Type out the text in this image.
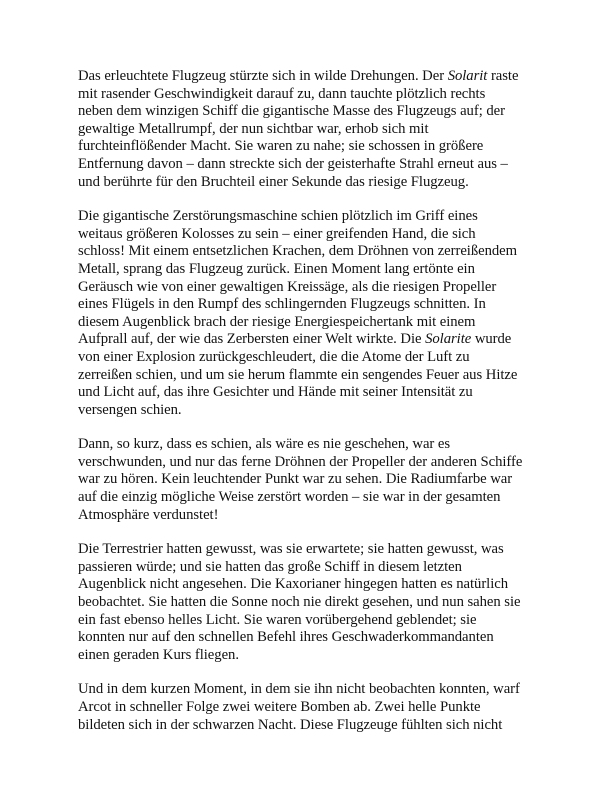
Das erleuchtete Flugzeug stürzte sich in wilde Drehungen. Der Solarit raste
mit rasender Geschwindigkeit darauf zu, dann tauchte plötzlich rechts
neben dem winzigen Schiff die gigantische Masse des Flugzeugs auf; der
gewaltige Metallrumpf, der nun sichtbar war, erhob sich mit
furchteinflößender Macht. Sie waren zu nahe; sie schossen in größere
Entfernung davon – dann streckte sich der geisterhafte Strahl erneut aus –
und berührte für den Bruchteil einer Sekunde das riesige Flugzeug.

Die gigantische Zerstörungsmaschine schien plötzlich im Griff eines
weitaus größeren Kolosses zu sein – einer greifenden Hand, die sich
schloss! Mit einem entsetzlichen Krachen, dem Dröhnen von zerreißendem
Metall, sprang das Flugzeug zurück. Einen Moment lang ertönte ein
Geräusch wie von einer gewaltigen Kreissäge, als die riesigen Propeller
eines Flügels in den Rumpf des schlingernden Flugzeugs schnitten. In
diesem Augenblick brach der riesige Energiespeichertank mit einem
Aufprall auf, der wie das Zerbersten einer Welt wirkte. Die Solarite wurde
von einer Explosion zurückgeschleudert, die die Atome der Luft zu
zerreißen schien, und um sie herum flammte ein sengendes Feuer aus Hitze
und Licht auf, das ihre Gesichter und Hände mit seiner Intensität zu
versengen schien.

Dann, so kurz, dass es schien, als wäre es nie geschehen, war es
verschwunden, und nur das ferne Dröhnen der Propeller der anderen Schiffe
war zu hören. Kein leuchtender Punkt war zu sehen. Die Radiumfarbe war
auf die einzig mögliche Weise zerstört worden – sie war in der gesamten
Atmosphäre verdunstet!

Die Terrestrier hatten gewusst, was sie erwartete; sie hatten gewusst, was
passieren würde; und sie hatten das große Schiff in diesem letzten
Augenblick nicht angesehen. Die Kaxorianer hingegen hatten es natürlich
beobachtet. Sie hatten die Sonne noch nie direkt gesehen, und nun sahen sie
ein fast ebenso helles Licht. Sie waren vorübergehend geblendet; sie
konnten nur auf den schnellen Befehl ihres Geschwaderkommandanten
einen geraden Kurs fliegen.

Und in dem kurzen Moment, in dem sie ihn nicht beobachten konnten, warf
Arcot in schneller Folge zwei weitere Bomben ab. Zwei helle Punkte
bildeten sich in der schwarzen Nacht. Diese Flugzeuge fühlten sich nicht
